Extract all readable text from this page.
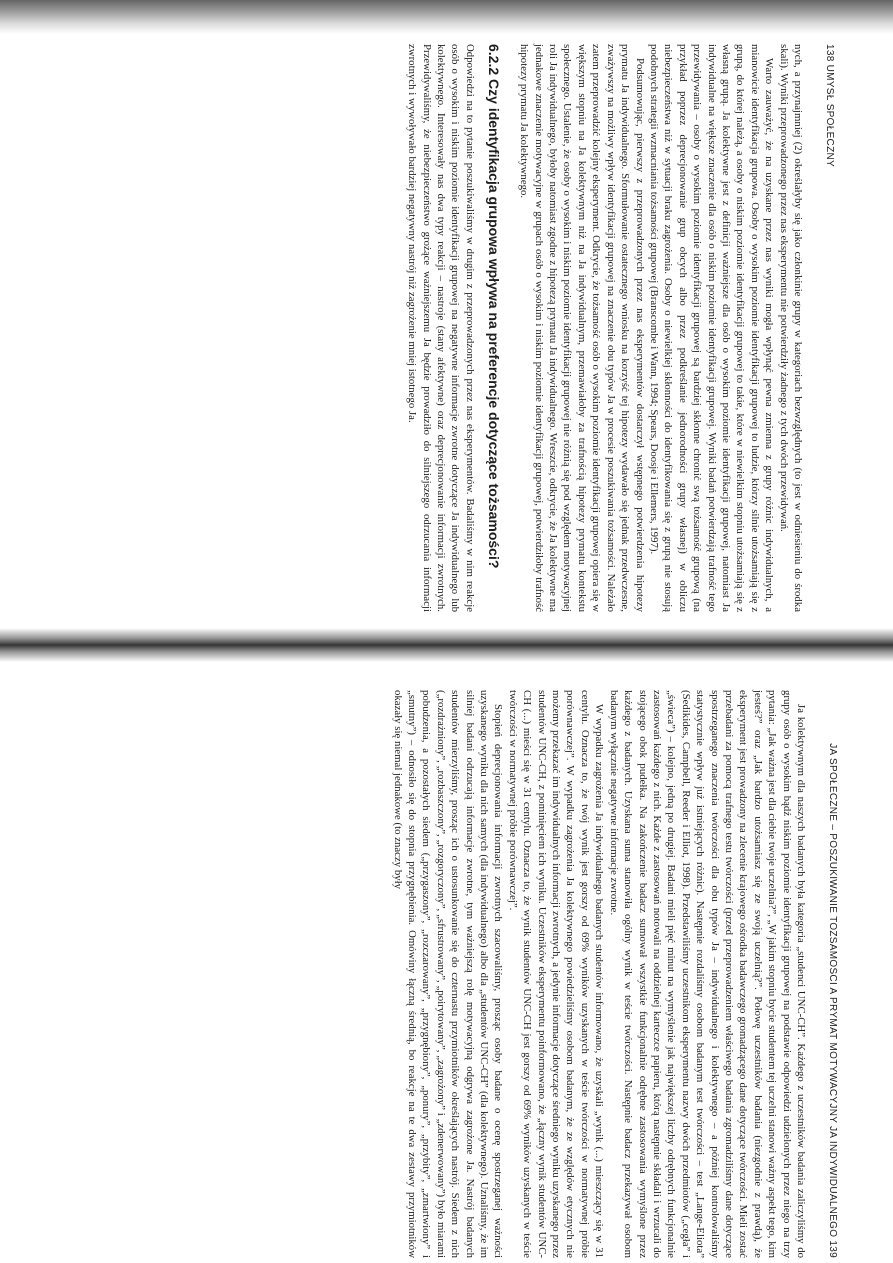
138 UMYSŁ SPOŁECZNY

nych, a przynajmniej (2) określałyby się jako członkinie grupy w kategoriach bezwzględnych (to jest w odniesieniu do środka skali). Wyniki przeprowadzonego przez nas eksperymentu nie potwierdziły żadnego z tych dwóch przewidywań.

Warto zauważyć, że na uzyskane przez nas wyniki mogła wpłynąć pewna zmienna z grupy różnic indywidualnych, a mianowicie identyfikacja grupowa. Osoby o wysokim poziomie identyfikacji grupowej to ludzie, którzy silnie utożsamiają się z grupą, do której należą, a osoby o niskim poziomie identyfikacji grupowej to takie, które w niewielkim stopniu utożsamiają się z własną grupą. Ja kolektywne jest z definicji ważniejsze dla osób o wysokim poziomie identyfikacji grupowej, natomiast Ja indywidualne na większe znaczenie dla osób o niskim poziomie identyfikacji grupowej. Wyniki badań potwierdzają trafność tego przewidywania – osoby o wysokim poziomie identyfikacji grupowej są bardziej skłonne chronić swą tożsamość grupową (na przykład poprzez deprecjonowanie grup obcych albo przez podkreślanie jednorodności grupy własnej) w obliczu niebezpieczeństwa niż w sytuacji braku zagrożenia. Osoby o niewielkiej skłonności do identyfikowania się z grupą nie stosują podobnych strategii wzmacniania tożsamości grupowej (Branscombe i Wann, 1994; Spears, Doosje i Ellemers, 1997).

Podsumowując, pierwszy z przeprowadzonych przez nas eksperymentów dostarczył wstępnego potwierdzenia hipotezy prymatu Ja indywidualnego. Sformułowanie ostatecznego wniosku na korzyść tej hipotezy wydawało się jednak przedwczesne, zważywszy na możliwy wpływ identyfikacji grupowej na znaczenie obu typów Ja w procesie poszukiwania tożsamości. Należało zatem przeprowadzić kolejny eksperyment. Odkrycie, że tożsamość osób o wysokim poziomie identyfikacji grupowej opiera się w większym stopniu na Ja kolektywnym niż na Ja indywidualnym, przemawiałoby za trafnością hipotezy prymatu kontekstu społecznego. Ustalenie, że osoby o wysokim i niskim poziomie identyfikacji grupowej nie różnią się pod względem motywacyjnej roli Ja indywidualnego, byłoby natomiast zgodne z hipotezą prymatu Ja indywidualnego. Wreszcie, odkrycie, że Ja kolektywne ma jednakowe znaczenie motywacyjne w grupach osób o wysokim i niskim poziomie identyfikacji grupowej, potwierdziłoby trafność hipotezy prymatu Ja kolektywnego.

6.2.2 Czy identyfikacja grupowa wpływa na preferencje dotyczące tożsamości?

Odpowiedzi na to pytanie poszukiwaliśmy w drugim z przeprowadzonych przez nas eksperymentów. Badaliśmy w nim reakcje osób o wysokim i niskim poziomie identyfikacji grupowej na negatywne informacje zwrotne dotyczące Ja indywidualnego lub kolektywnego. Interesowały nas dwa typy reakcji – nastroje (stany afektywne) oraz deprecjonowanie informacji zwrotnych. Przewidywaliśmy, że niebezpieczeństwo grożące ważniejszemu Ja będzie prowadziło do silniejszego odrzucania informacji zwrotnych i wywoływało bardziej negatywny nastrój niż zagrożenie mniej istotnego Ja.

JA SPOŁECZNE – POSZUKIWANIE TOŻSAMOŚCI A PRYMAT MOTYWACYJNY JA INDYWIDUALNEGO 139

Ja kolektywnym dla naszych badanych była kategoria „studenci UNC-CH”. Każdego z uczestników badania zaliczyliśmy do grupy osób o wysokim bądź niskim poziomie identyfikacji grupowej na podstawie odpowiedzi udzielonych przez niego na trzy pytania: „Jak ważna jest dla ciebie twoje uczelnia?”, „W jakim stopniu bycie studentem tej uczelni stanowi ważny aspekt tego, kim jesteś?” oraz „Jak bardzo utożsamiasz się ze swoją uczelnią?”. Połowę uczestników badania (niezgodnie z prawdą), że eksperyment jest prowadzony na zlecenie krajowego ośrodka badawczego gromadzącego dane dotyczące twórczości. Mieli zostać przebadani za pomocą trafnego testu twórczości (przed przeprowadzeniem właściwego badania zgromadziliśmy dane dotyczące spostrzeganego znaczenia twórczości dla obu typów Ja – indywidualnego i kolektywnego – a później kontrolowaliśmy statystycznie wpływ już istniejących różnic). Następnie rozdaliśmy osobom badanym test twórczości – test „Lange-Eliota” (Sedikides, Campbell, Reeder i Elliot, 1998). Przedstawiliśmy uczestnikom eksperymentu nazwy dwóch przedmiotów („cegła” i „świeca”) – kolejno, jedną po drugiej. Badani mieli pięć minut na wymyślenie jak największej liczby odrębnych funkcjonalnie zastosowań każdego z nich. Każde z zastosowań notowali na oddzielnej karteczce papieru, którą następnie składali i wrzucali do stojącego obok pudełka. Na zakończenie badacz sumował wszystkie funkcjonalnie odrębne zastosowania wymyślone przez każdego z badanych. Uzyskana suma stanowiła ogólny wynik w teście twórczości. Następnie badacz przekazywał osobom badanym wyłącznie negatywne informacje zwrotne.

W wypadku zagrożenia Ja indywidualnego badanych studentów informowano, że uzyskali „wynik (...) mieszczący się w 31 centylu. Oznacza to, że twój wynik jest gorszy od 69% wyników uzyskanych w teście twórczości w normatywnej próbie porównawczej”. W wypadku zagrożenia Ja kolektywnego powiedzieliśmy osobom badanym, że ze względów etycznych nie możemy przekazać im indywidualnych informacji zwrotnych, a jedynie informacje dotyczące średniego wyniku uzyskanego przez studentów UNC-CH, z pominięciem ich wyniku. Uczestników eksperymentu poinformowano, że „łączny wynik studentów UNC-CH (...) mieści się w 31 centylu. Oznacza to, że wynik studentów UNC-CH jest gorszy od 69% wyników uzyskanych w teście twórczości w normatywnej próbie porównawczej”.

Stopień deprecjonowania informacji zwrotnych szacowaliśmy, prosząc osoby badane o ocenę spostrzeganej ważności uzyskanego wyniku dla nich samych (dla indywidualnego) albo dla „studentów UNC-CH” (dla kolektywnego). Uznaliśmy, że im silniej badani odrzucają informacje zwrotne, tym ważniejszą rolę motywacyjną odgrywa zagrożone Ja. Nastrój badanych studentów mierzyliśmy, prosząc ich o ustosunkowanie się do czternastu przymiotników określających nastrój. Siedem z nich („rozdrażniony”, „rozbaszczony”, „rozgoryczony”, „sfrustrowany”, „poirytowany”, „zagrożony” i „zdenerwowany”) było miarami pobudzenia, a pozostałych siedem („przygaszony”, „rozczarowany”, „przygnębiony”, „ponury”, „przybity”, „zmartwiony” i „smutny”) – odnosiło się do stopnia przygnębienia. Omówiny łączną średnią, bo reakcje na te dwa zestawy przymiotników okazały się niemal jednakowe (to znaczy były
